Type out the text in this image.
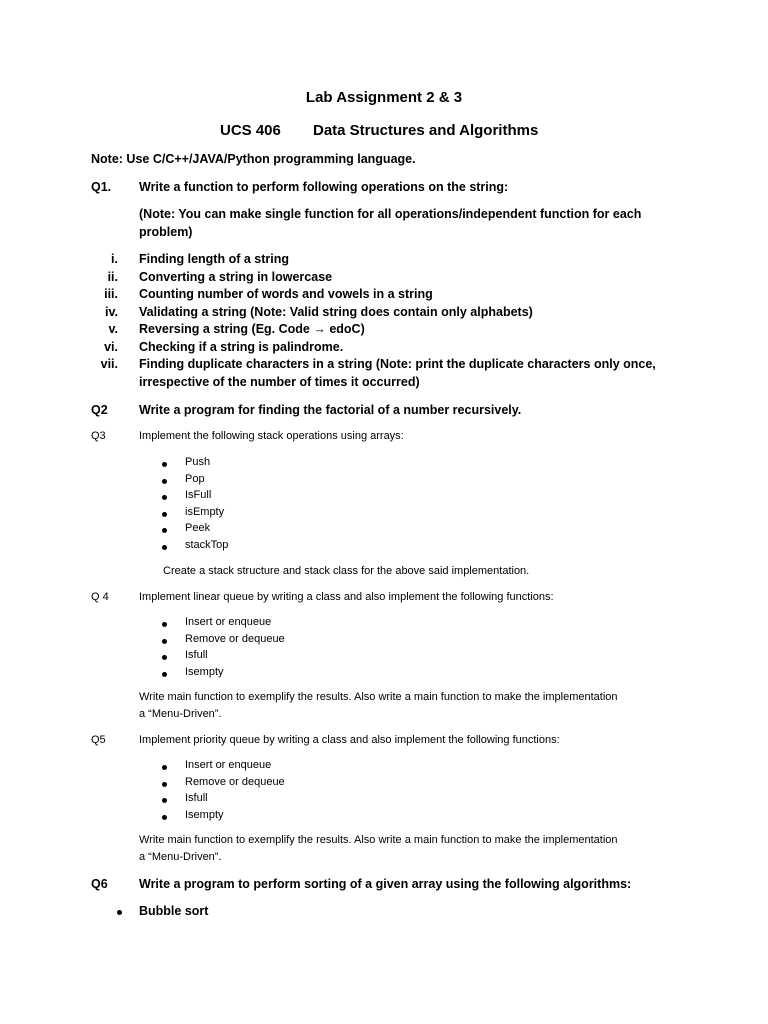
Lab Assignment 2 & 3
UCS 406 Data Structures and Algorithms
Note: Use C/C++/JAVA/Python programming language.
Q1. Write a function to perform following operations on the string:
(Note: You can make single function for all operations/independent function for each
problem)
i. Finding length of a string
ii. Converting a string in lowercase
iii. Counting number of words and vowels in a string
iv. Validating a string (Note: Valid string does contain only alphabets)
v. Reversing a string (Eg. Code → edoC)
vi. Checking if a string is palindrome.
vii. Finding duplicate characters in a string (Note: print the duplicate characters only once,
irrespective of the number of times it occurred)
Q2	Write a program for finding the factorial of a number recursively.
Q3	Implement the following stack operations using arrays:
Push
Pop
IsFull
isEmpty
Peek
stackTop
Create a stack structure and stack class for the above said implementation.
Q 4	Implement linear queue by writing a class and also implement the following functions:
Insert or enqueue
Remove or dequeue
Isfull
Isempty
Write main function to exemplify the results. Also write a main function to make the implementation
a “Menu-Driven”.
Q5	Implement priority queue by writing a class and also implement the following functions:
Insert or enqueue
Remove or dequeue
Isfull
Isempty
Write main function to exemplify the results. Also write a main function to make the implementation
a “Menu-Driven”.
Q6	Write a program to perform sorting of a given array using the following algorithms:
Bubble sort
